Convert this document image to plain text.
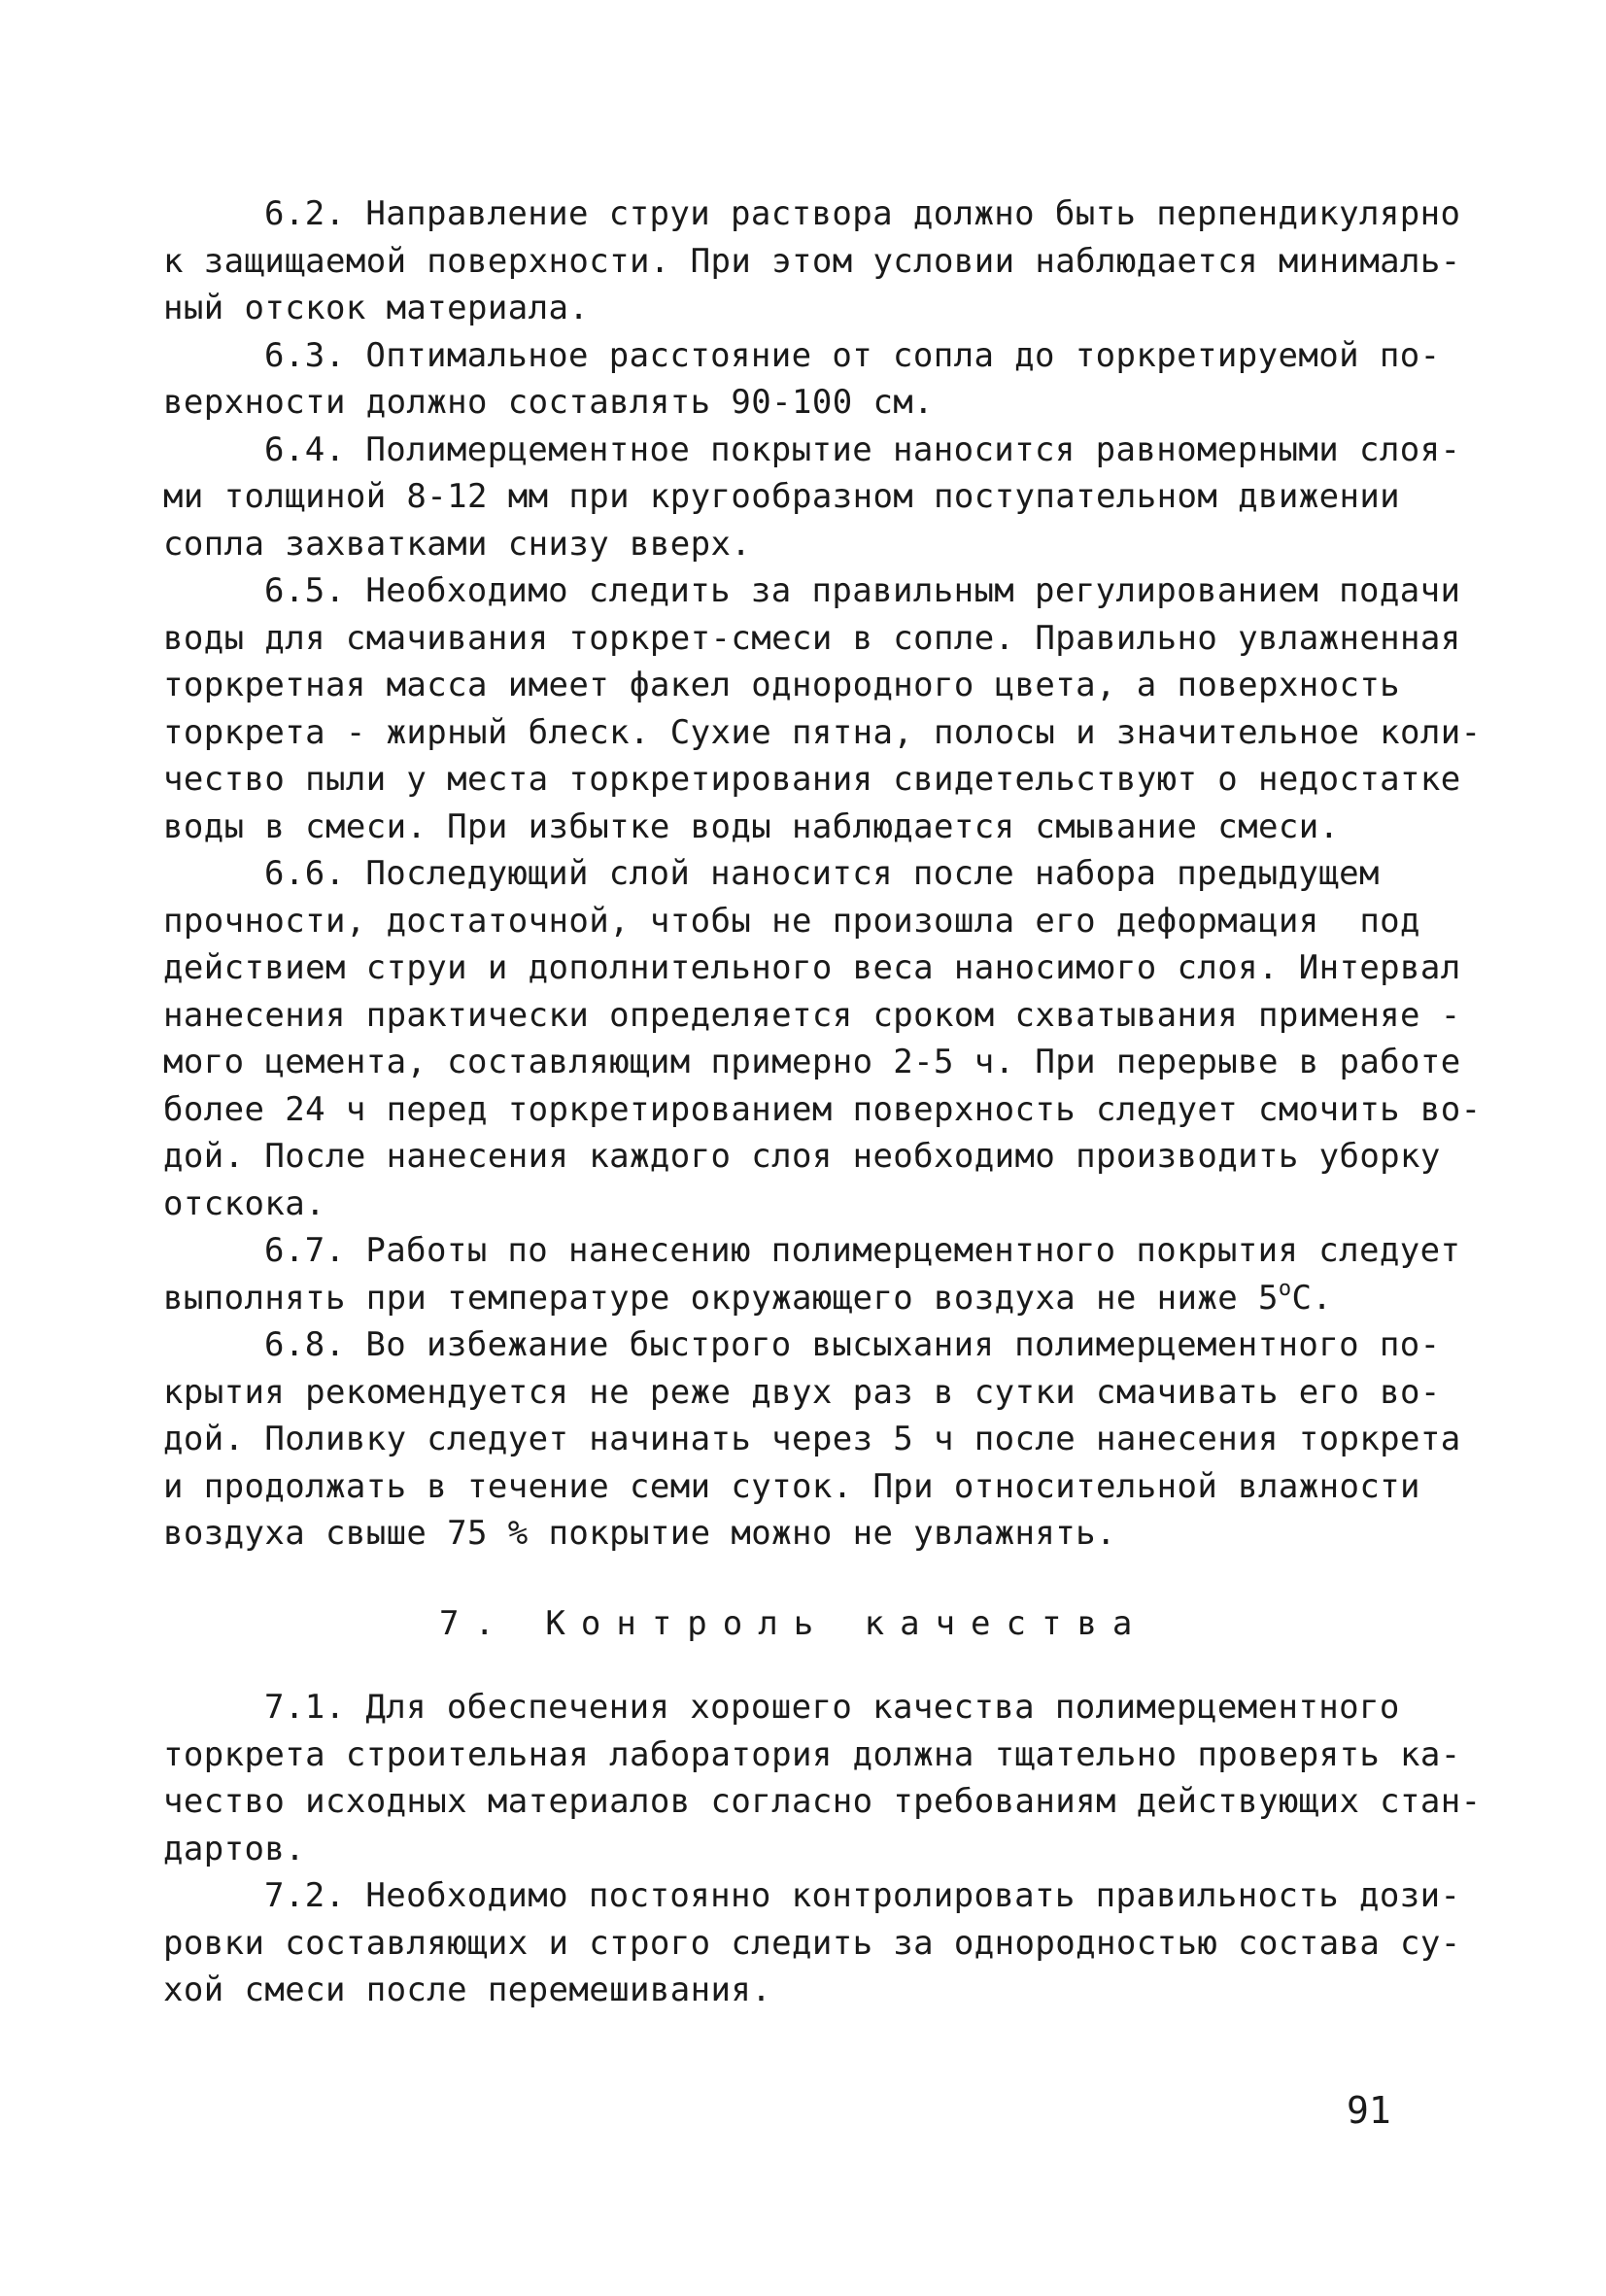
6.2. Направление струи раствора должно быть перпендикулярно
к защищаемой поверхности. При этом условии наблюдается минималь-
ный отскок материала.
6.3. Оптимальное расстояние от сопла до торкретируемой по-
верхности должно составлять 90-100 см.
6.4. Полимерцементное покрытие наносится равномерными слоя-
ми толщиной 8-12 мм при кругообразном поступательном движении
сопла захватками снизу вверх.
6.5. Необходимо следить за правильным регулированием подачи
воды для смачивания торкрет-смеси в сопле. Правильно увлажненная
торкретная масса имеет факел однородного цвета, а поверхность
торкрета - жирный блеск. Сухие пятна, полосы и значительное коли-
чество пыли у места торкретирования свидетельствуют о недостатке
воды в смеси. При избытке воды наблюдается смывание смеси.
6.6. Последующий слой наносится после набора предыдущем
прочности, достаточной, чтобы не произошла его деформация  под
действием струи и дополнительного веса наносимого слоя. Интервал
нанесения практически определяется сроком схватывания применяе -
мого цемента, составляющим примерно 2-5 ч. При перерыве в работе
более 24 ч перед торкретированием поверхность следует смочить во-
дой. После нанесения каждого слоя необходимо производить уборку
отскока.
6.7. Работы по нанесению полимерцементного покрытия следует
выполнять при температуре окружающего воздуха не ниже 5$^o$C.
6.8. Во избежание быстрого высыхания полимерцементного по-
крытия рекомендуется не реже двух раз в сутки смачивать его во-
дой. Поливку следует начинать через 5 ч после нанесения торкрета
и продолжать в течение семи суток. При относительной влажности
воздуха свыше 75 % покрытие можно не увлажнять.
7. Контроль качества
7.1. Для обеспечения хорошего качества полимерцементного
торкрета строительная лаборатория должна тщательно проверять ка-
чество исходных материалов согласно требованиям действующих стан-
дартов.
7.2. Необходимо постоянно контролировать правильность дози-
ровки составляющих и строго следить за однородностью состава су-
хой смеси после перемешивания.
91
